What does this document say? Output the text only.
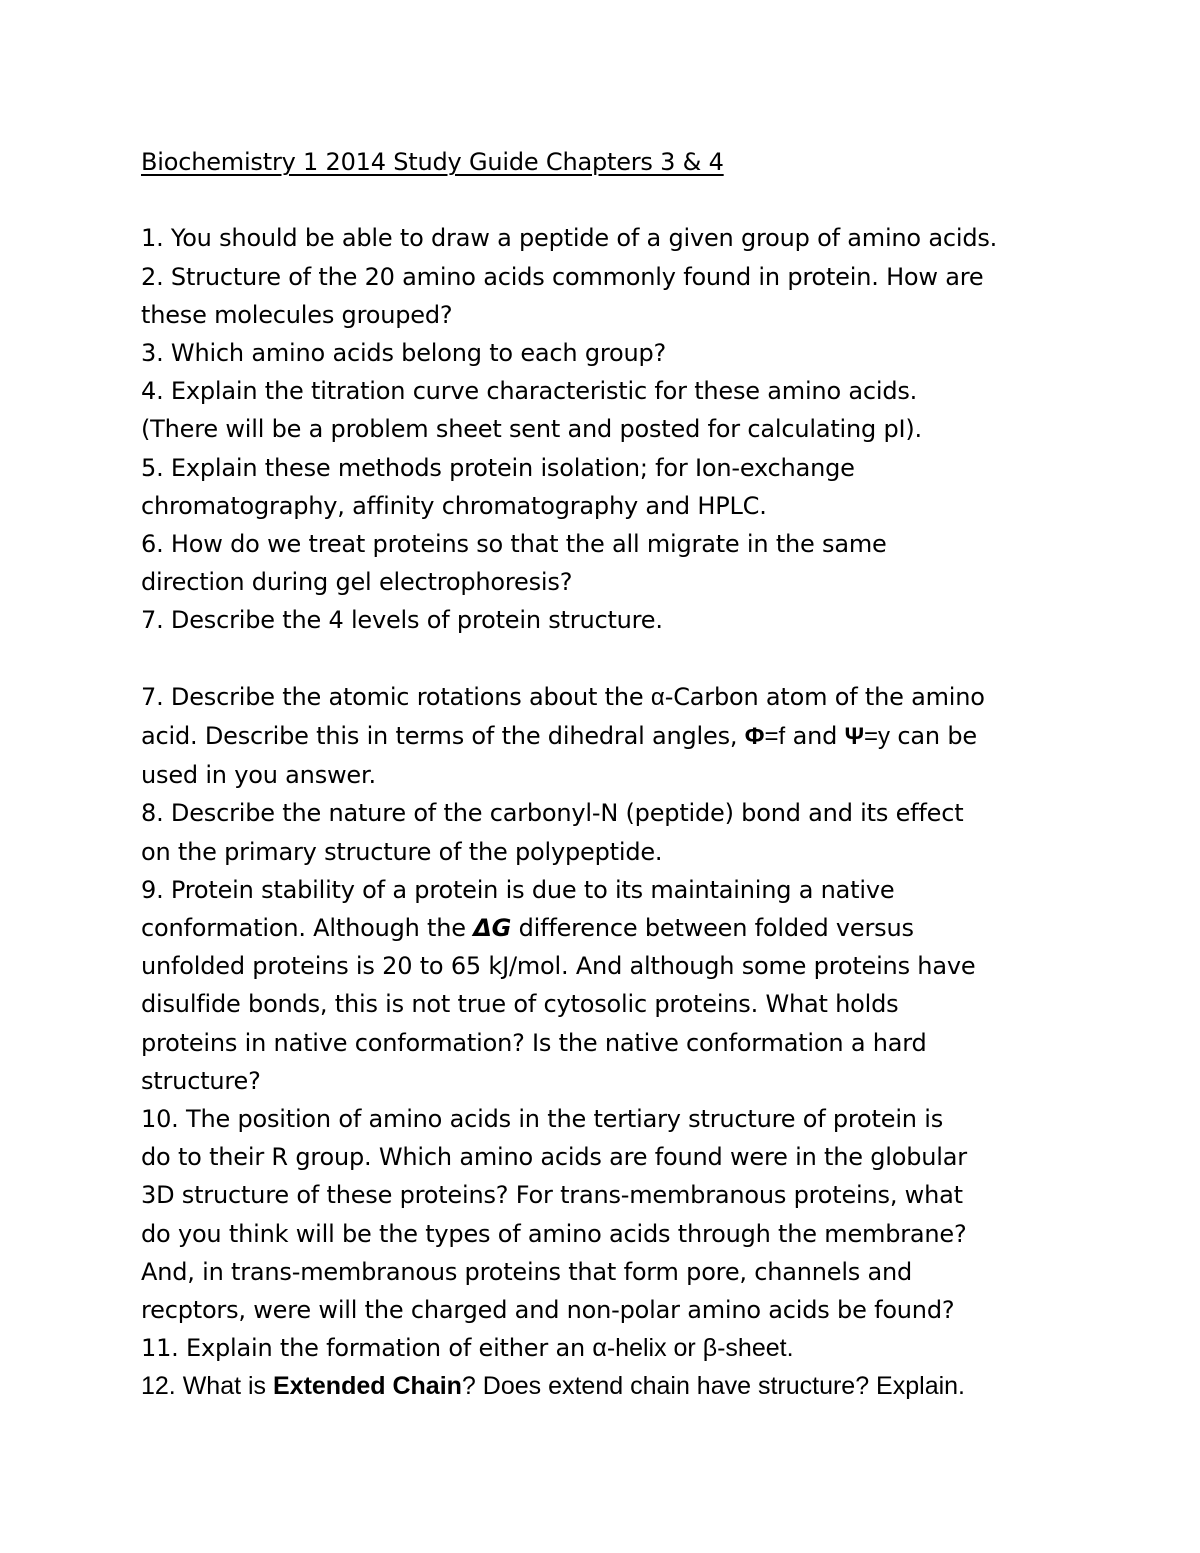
Biochemistry 1 2014 Study Guide Chapters 3 & 4
1. You should be able to draw a peptide of a given group of amino acids.
2. Structure of the 20 amino acids commonly found in protein. How are
these molecules grouped?
3. Which amino acids belong to each group?
4. Explain the titration curve characteristic for these amino acids.
(There will be a problem sheet sent and posted for calculating pI).
5. Explain these methods protein isolation; for Ion-exchange
chromatography, affinity chromatography and HPLC.
6. How do we treat proteins so that the all migrate in the same
direction during gel electrophoresis?
7. Describe the 4 levels of protein structure.
7. Describe the atomic rotations about the α-Carbon atom of the amino
acid. Describe this in terms of the dihedral angles, Φ=f and Ψ=y can be
used in you answer.
8. Describe the nature of the carbonyl-N (peptide) bond and its effect
on the primary structure of the polypeptide.
9. Protein stability of a protein is due to its maintaining a native
conformation. Although the ΔG difference between folded versus
unfolded proteins is 20 to 65 kJ/mol. And although some proteins have
disulfide bonds, this is not true of cytosolic proteins. What holds
proteins in native conformation? Is the native conformation a hard
structure?
10. The position of amino acids in the tertiary structure of protein is
do to their R group. Which amino acids are found were in the globular
3D structure of these proteins? For trans-membranous proteins, what
do you think will be the types of amino acids through the membrane?
And, in trans-membranous proteins that form pore, channels and
recptors, were will the charged and non-polar amino acids be found?
11. Explain the formation of either an α-helix or β-sheet.
12. What is Extended Chain? Does extend chain have structure? Explain.
